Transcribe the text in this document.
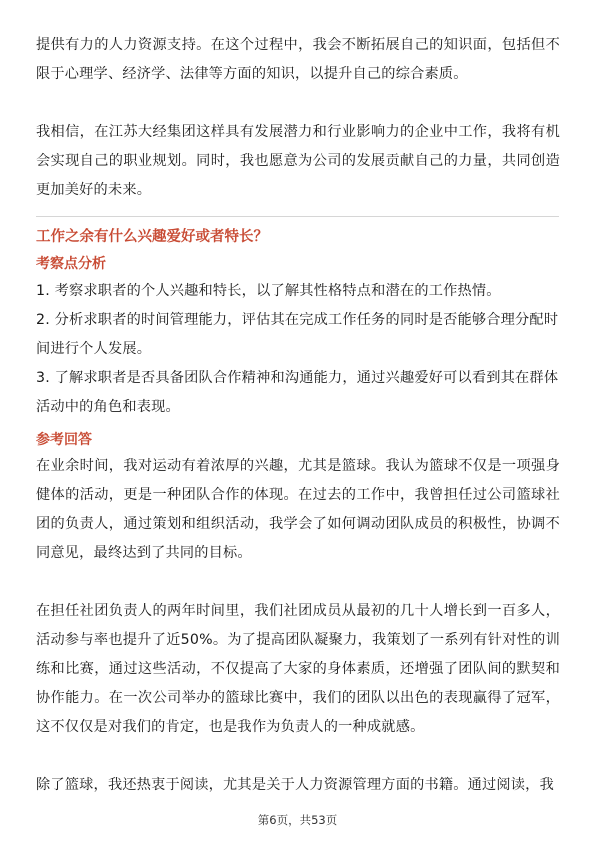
提供有力的人力资源支持。在这个过程中，我会不断拓展自己的知识面，包括但不限于心理学、经济学、法律等方面的知识，以提升自己的综合素质。

我相信，在江苏大经集团这样具有发展潜力和行业影响力的企业中工作，我将有机会实现自己的职业规划。同时，我也愿意为公司的发展贡献自己的力量，共同创造更加美好的未来。

工作之余有什么兴趣爱好或者特长？
考察点分析

1. 考察求职者的个人兴趣和特长，以了解其性格特点和潜在的工作热情。

2. 分析求职者的时间管理能力，评估其在完成工作任务的同时是否能够合理分配时间进行个人发展。

3. 了解求职者是否具备团队合作精神和沟通能力，通过兴趣爱好可以看到其在群体活动中的角色和表现。

参考回答

在业余时间，我对运动有着浓厚的兴趣，尤其是篮球。我认为篮球不仅是一项强身健体的活动，更是一种团队合作的体现。在过去的工作中，我曾担任过公司篮球社团的负责人，通过策划和组织活动，我学会了如何调动团队成员的积极性，协调不同意见，最终达到了共同的目标。

在担任社团负责人的两年时间里，我们社团成员从最初的几十人增长到一百多人，活动参与率也提升了近50%。为了提高团队凝聚力，我策划了一系列有针对性的训练和比赛，通过这些活动，不仅提高了大家的身体素质，还增强了团队间的默契和协作能力。在一次公司举办的篮球比赛中，我们的团队以出色的表现赢得了冠军，这不仅仅是对我们的肯定，也是我作为负责人的一种成就感。

除了篮球，我还热衷于阅读，尤其是关于人力资源管理方面的书籍。通过阅读，我

第6页，共53页
